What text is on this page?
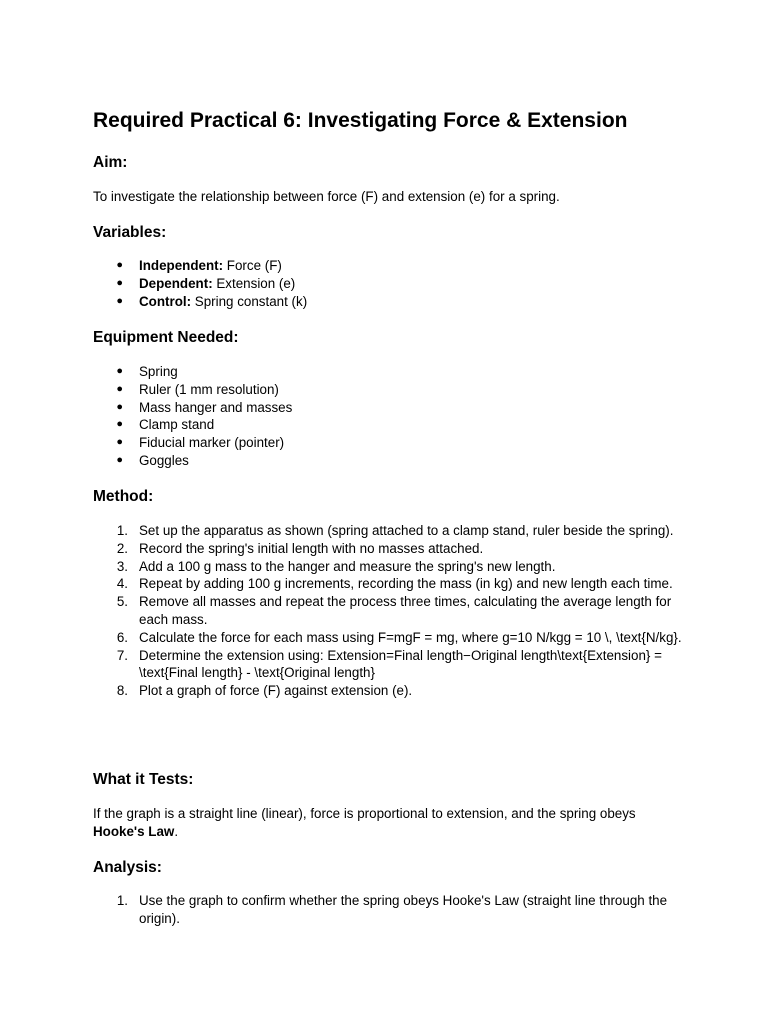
Required Practical 6: Investigating Force & Extension
Aim:

To investigate the relationship between force (F) and extension (e) for a spring.

Variables:
● Independent: Force (F)
● Dependent: Extension (e)
● Control: Spring constant (k)
Equipment Needed:
● Spring
● Ruler (1 mm resolution)
● Mass hanger and masses
● Clamp stand
● Fiducial marker (pointer)
● Goggles
Method:
1. Set up the apparatus as shown (spring attached to a clamp stand, ruler beside the spring).
2. Record the spring's initial length with no masses attached.
3. Add a 100 g mass to the hanger and measure the spring's new length.
4. Repeat by adding 100 g increments, recording the mass (in kg) and new length each time.
5. Remove all masses and repeat the process three times, calculating the average length for each mass.
6. Calculate the force for each mass using F=mgF = mg, where g=10 N/kgg = 10 \, \text{N/kg}.
7. Determine the extension using: Extension=Final length−Original length\text{Extension} = \text{Final length} - \text{Original length}
8. Plot a graph of force (F) against extension (e).
What it Tests:

If the graph is a straight line (linear), force is proportional to extension, and the spring obeys Hooke's Law.

Analysis:
1. Use the graph to confirm whether the spring obeys Hooke's Law (straight line through the origin).
